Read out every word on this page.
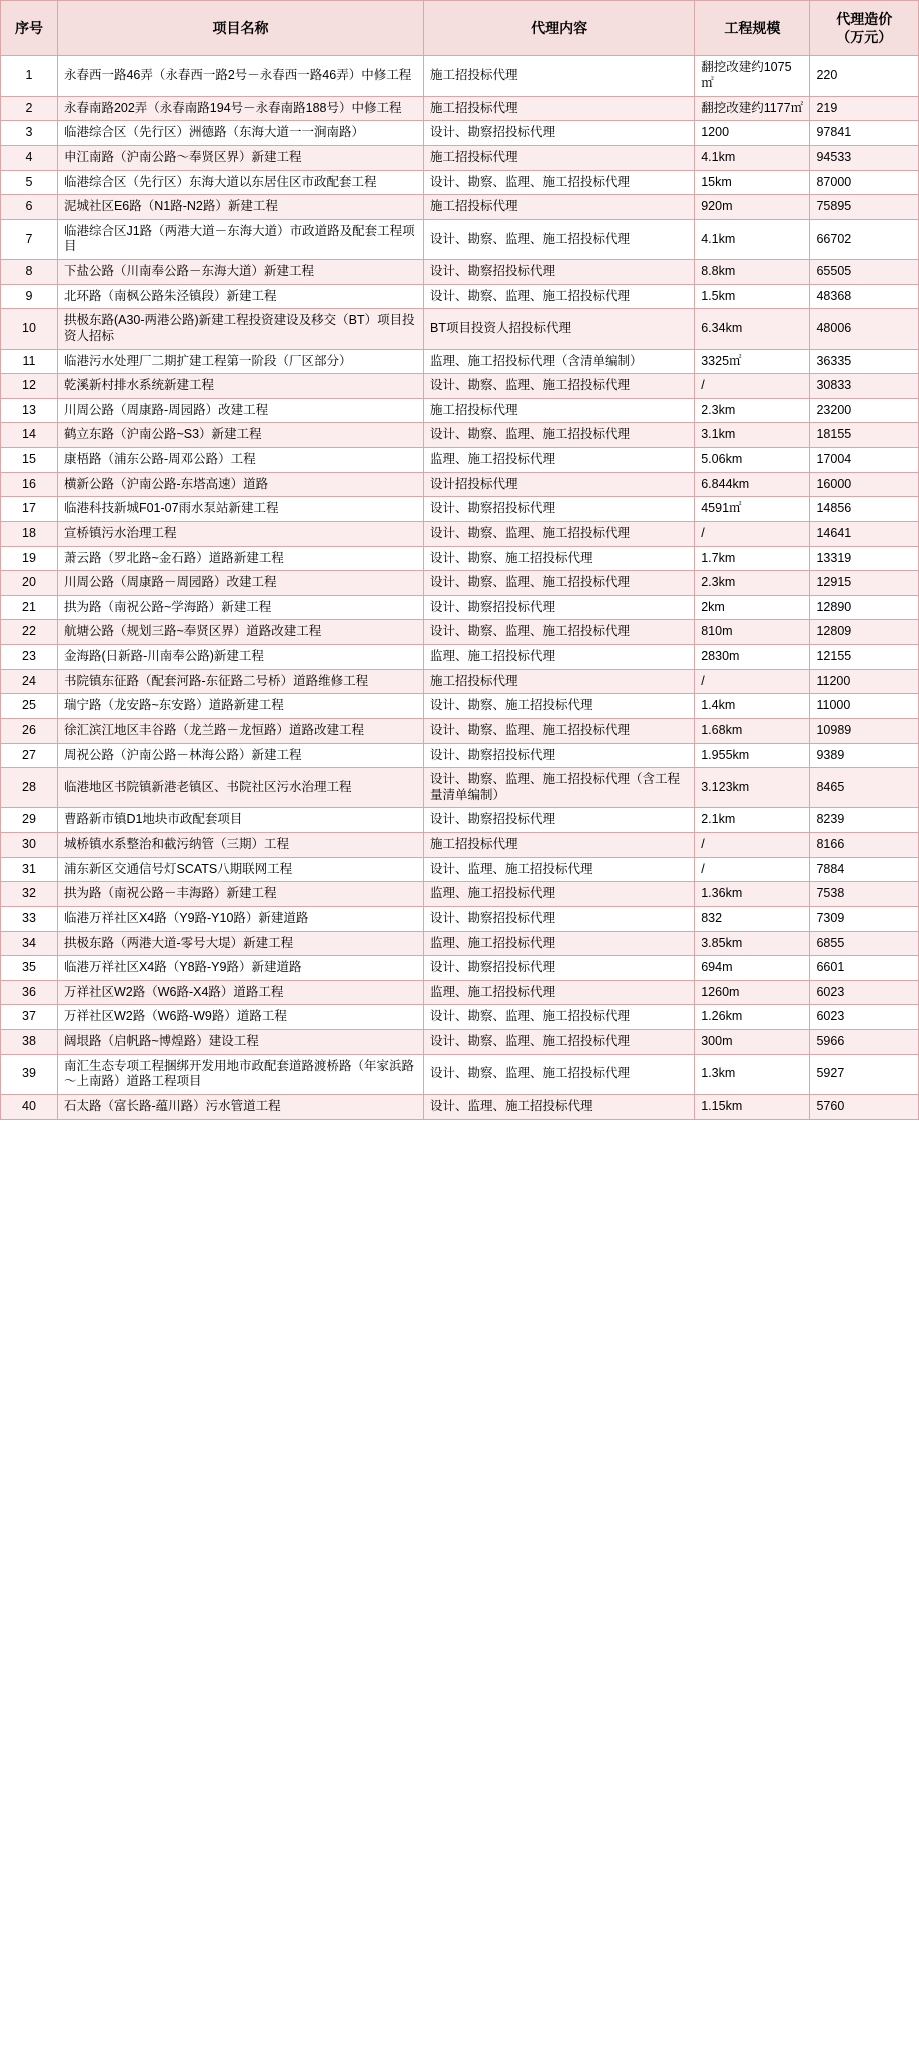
序号	项目名称	代理内容	工程规模	代理造价
（万元）

1	永春西一路46弄（永春西一路2号－永春西一路46弄）中修工程	施工招投标代理	翻挖改建约1075㎡	220
2	永春南路202弄（永春南路194号－永春南路188号）中修工程	施工招投标代理	翻挖改建约1177㎡	219
3	临港综合区（先行区）洲德路（东海大道一一涧南路）	设计、勘察招投标代理	1200	97841
4	申江南路（沪南公路～奉贤区界）新建工程	施工招投标代理	4.1km	94533
5	临港综合区（先行区）东海大道以东居住区市政配套工程	设计、勘察、监理、施工招投标代理	15km	87000
6	泥城社区E6路（N1路-N2路）新建工程	施工招投标代理	920m	75895
7	临港综合区J1路（两港大道－东海大道）市政道路及配套工程项目	设计、勘察、监理、施工招投标代理	4.1km	66702
8	下盐公路（川南奉公路－东海大道）新建工程	设计、勘察招投标代理	8.8km	65505
9	北环路（南枫公路朱泾镇段）新建工程	设计、勘察、监理、施工招投标代理	1.5km	48368
10	拱极东路(A30-两港公路)新建工程投资建设及移交（BT）项目投资人招标	BT项目投资人招投标代理	6.34km	48006
11	临港污水处理厂二期扩建工程第一阶段（厂区部分）	监理、施工招投标代理（含清单编制）	3325㎡	36335
12	乾溪新村排水系统新建工程	设计、勘察、监理、施工招投标代理	/	30833
13	川周公路（周康路-周园路）改建工程	施工招投标代理	2.3km	23200
14	鹤立东路（沪南公路~S3）新建工程	设计、勘察、监理、施工招投标代理	3.1km	18155
15	康梧路（浦东公路-周邓公路）工程	监理、施工招投标代理	5.06km	17004
16	横新公路（沪南公路-东塔高速）道路	设计招投标代理	6.844km	16000
17	临港科技新城F01-07雨水泵站新建工程	设计、勘察招投标代理	4591㎡	14856
18	宣桥镇污水治理工程	设计、勘察、监理、施工招投标代理	/	14641
19	萧云路（罗北路~金石路）道路新建工程	设计、勘察、施工招投标代理	1.7km	13319
20	川周公路（周康路－周园路）改建工程	设计、勘察、监理、施工招投标代理	2.3km	12915
21	拱为路（南祝公路~学海路）新建工程	设计、勘察招投标代理	2km	12890
22	航塘公路（规划三路~奉贤区界）道路改建工程	设计、勘察、监理、施工招投标代理	810m	12809
23	金海路(日新路-川南奉公路)新建工程	监理、施工招投标代理	2830m	12155
24	书院镇东征路（配套河路-东征路二号桥）道路维修工程	施工招投标代理	/	11200
25	瑞宁路（龙安路~东安路）道路新建工程	设计、勘察、施工招投标代理	1.4km	11000
26	徐汇滨江地区丰谷路（龙兰路－龙恒路）道路改建工程	设计、勘察、监理、施工招投标代理	1.68km	10989
27	周祝公路（沪南公路－林海公路）新建工程	设计、勘察招投标代理	1.955km	9389
28	临港地区书院镇新港老镇区、书院社区污水治理工程	设计、勘察、监理、施工招投标代理（含工程量清单编制）	3.123km	8465
29	曹路新市镇D1地块市政配套项目	设计、勘察招投标代理	2.1km	8239
30	城桥镇水系整治和截污纳管（三期）工程	施工招投标代理	/	8166
31	浦东新区交通信号灯SCATS八期联网工程	设计、监理、施工招投标代理	/	7884
32	拱为路（南祝公路－丰海路）新建工程	监理、施工招投标代理	1.36km	7538
33	临港万祥社区X4路（Y9路-Y10路）新建道路	设计、勘察招投标代理	832	7309
34	拱极东路（两港大道-零号大堤）新建工程	监理、施工招投标代理	3.85km	6855
35	临港万祥社区X4路（Y8路-Y9路）新建道路	设计、勘察招投标代理	694m	6601
36	万祥社区W2路（W6路-X4路）道路工程	监理、施工招投标代理	1260m	6023
37	万祥社区W2路（W6路-W9路）道路工程	设计、勘察、监理、施工招投标代理	1.26km	6023
38	阔垠路（启帆路~博煌路）建设工程	设计、勘察、监理、施工招投标代理	300m	5966
39	南汇生态专项工程捆绑开发用地市政配套道路渡桥路（年家浜路～上南路）道路工程项目	设计、勘察、监理、施工招投标代理	1.3km	5927
40	石太路（富长路-蕴川路）污水管道工程	设计、监理、施工招投标代理	1.15km	5760
